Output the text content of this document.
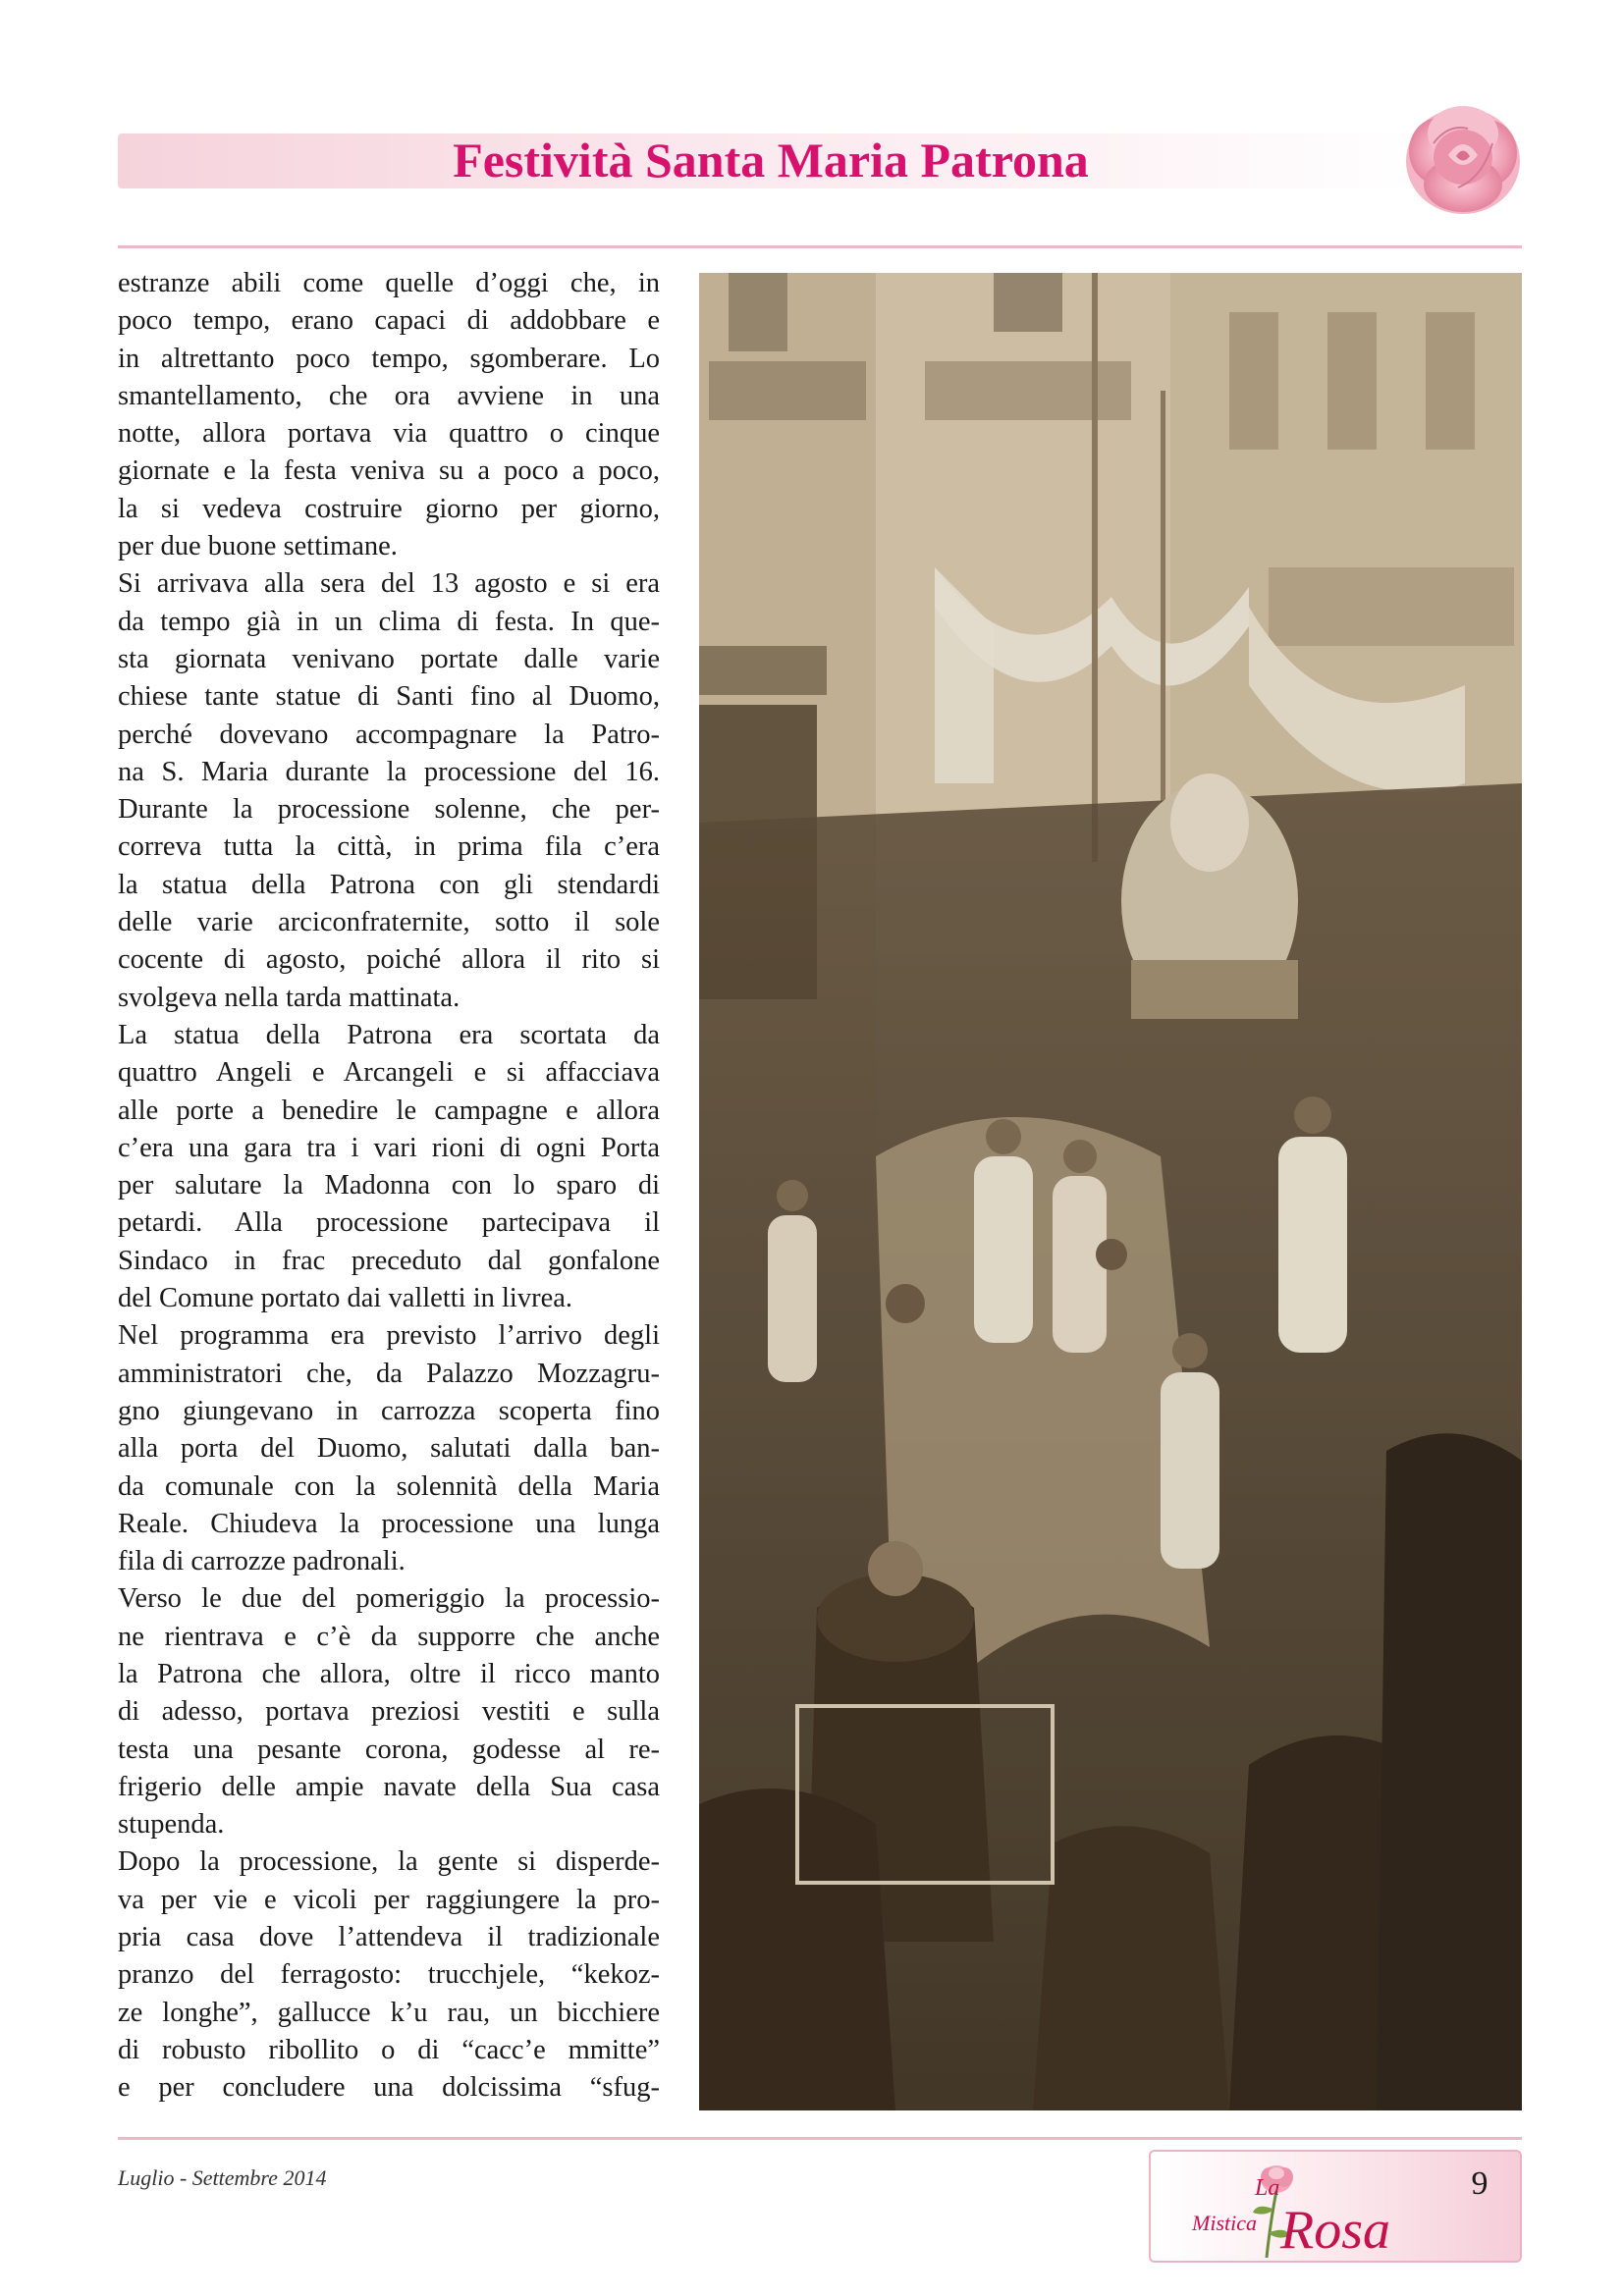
Festività Santa Maria Patrona
estranze abili come quelle d’oggi che, in
poco tempo, erano capaci di addobbare e
in altrettanto poco tempo, sgomberare. Lo
smantellamento, che ora avviene in una
notte, allora portava via quattro o cinque
giornate e la festa veniva su a poco a poco,
la si vedeva costruire giorno per giorno,
per due buone settimane.
Si arrivava alla sera del 13 agosto e si era
da tempo già in un clima di festa. In que-
sta giornata venivano portate dalle varie
chiese tante statue di Santi fino al Duomo,
perché dovevano accompagnare la Patro-
na S. Maria durante la processione del 16.
Durante la processione solenne, che per-
correva tutta la città, in prima fila c’era
la statua della Patrona con gli stendardi
delle varie arciconfraternite, sotto il sole
cocente di agosto, poiché allora il rito si
svolgeva nella tarda mattinata.
La statua della Patrona era scortata da
quattro Angeli e Arcangeli e si affacciava
alle porte a benedire le campagne e allora
c’era una gara tra i vari rioni di ogni Porta
per salutare la Madonna con lo sparo di
petardi. Alla processione partecipava il
Sindaco in frac preceduto dal gonfalone
del Comune portato dai valletti in livrea.
Nel programma era previsto l’arrivo degli
amministratori che, da Palazzo Mozzagru-
gno giungevano in carrozza scoperta fino
alla porta del Duomo, salutati dalla ban-
da comunale con la solennità della Maria
Reale. Chiudeva la processione una lunga
fila di carrozze padronali.
Verso le due del pomeriggio la processio-
ne rientrava e c’è da supporre che anche
la Patrona che allora, oltre il ricco manto
di adesso, portava preziosi vestiti e sulla
testa una pesante corona, godesse al re-
frigerio delle ampie navate della Sua casa
stupenda.
Dopo la processione, la gente si disperde-
va per vie e vicoli per raggiungere la pro-
pria casa dove l’attendeva il tradizionale
pranzo del ferragosto: trucchjele, “kekoz-
ze longhe”, gallucce k’u rau, un bicchiere
di robusto ribollito o di “cacc’e mmitte”
e per concludere una dolcissima “sfug-

Luglio - Settembre 2014	La
Mistica Rosa

9
